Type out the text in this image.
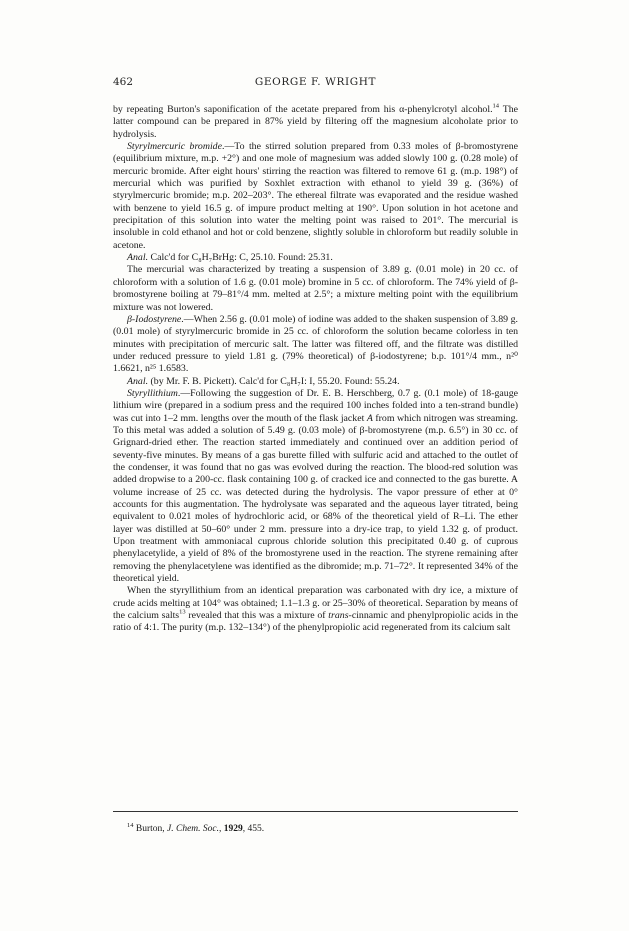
462	GEORGE F. WRIGHT

by repeating Burton's saponification of the acetate prepared from his α-phenylcrotyl alcohol.$^{14}$ The latter compound can be prepared in 87% yield by filtering off the magnesium alcoholate prior to hydrolysis.

Styrylmercuric bromide.—To the stirred solution prepared from 0.33 moles of β-bromostyrene (equilibrium mixture, m.p. +2°) and one mole of magnesium was added slowly 100 g. (0.28 mole) of mercuric bromide. After eight hours' stirring the reaction was filtered to remove 61 g. (m.p. 198°) of mercurial which was purified by Soxhlet extraction with ethanol to yield 39 g. (36%) of styrylmercuric bromide; m.p. 202–203°. The ethereal filtrate was evaporated and the residue washed with benzene to yield 16.5 g. of impure product melting at 190°. Upon solution in hot acetone and precipitation of this solution into water the melting point was raised to 201°. The mercurial is insoluble in cold ethanol and hot or cold benzene, slightly soluble in chloroform but readily soluble in acetone.

Anal. Calc'd for C₈H₇BrHg: C, 25.10. Found: 25.31.

The mercurial was characterized by treating a suspension of 3.89 g. (0.01 mole) in 20 cc. of chloroform with a solution of 1.6 g. (0.01 mole) bromine in 5 cc. of chloroform. The 74% yield of β-bromostyrene boiling at 79–81°/4 mm. melted at 2.5°; a mixture melting point with the equilibrium mixture was not lowered.

β-Iodostyrene.—When 2.56 g. (0.01 mole) of iodine was added to the shaken suspension of 3.89 g. (0.01 mole) of styrylmercuric bromide in 25 cc. of chloroform the solution became colorless in ten minutes with precipitation of mercuric salt. The latter was filtered off, and the filtrate was distilled under reduced pressure to yield 1.81 g. (79% theoretical) of β-iodostyrene; b.p. 101°/4 mm., n²⁰ 1.6621, n²⁵ 1.6583.

Anal. (by Mr. F. B. Pickett). Calc'd for C₈H₇I: I, 55.20. Found: 55.24.

Styryllithium.—Following the suggestion of Dr. E. B. Herschberg, 0.7 g. (0.1 mole) of 18-gauge lithium wire (prepared in a sodium press and the required 100 inches folded into a ten-strand bundle) was cut into 1–2 mm. lengths over the mouth of the flask jacket A from which nitrogen was streaming. To this metal was added a solution of 5.49 g. (0.03 mole) of β-bromostyrene (m.p. 6.5°) in 30 cc. of Grignard-dried ether. The reaction started immediately and continued over an addition period of seventy-five minutes. By means of a gas burette filled with sulfuric acid and attached to the outlet of the condenser, it was found that no gas was evolved during the reaction. The blood-red solution was added dropwise to a 200-cc. flask containing 100 g. of cracked ice and connected to the gas burette. A volume increase of 25 cc. was detected during the hydrolysis. The vapor pressure of ether at 0° accounts for this augmentation. The hydrolysate was separated and the aqueous layer titrated, being equivalent to 0.021 moles of hydrochloric acid, or 68% of the theoretical yield of R–Li. The ether layer was distilled at 50–60° under 2 mm. pressure into a dry-ice trap, to yield 1.32 g. of product. Upon treatment with ammoniacal cuprous chloride solution this precipitated 0.40 g. of cuprous phenylacetylide, a yield of 8% of the bromostyrene used in the reaction. The styrene remaining after removing the phenylacetylene was identified as the dibromide; m.p. 71–72°. It represented 34% of the theoretical yield.

When the styryllithium from an identical preparation was carbonated with dry ice, a mixture of crude acids melting at 104° was obtained; 1.1–1.3 g. or 25–30% of theoretical. Separation by means of the calcium salts$^{13}$ revealed that this was a mixture of trans-cinnamic and phenylpropiolic acids in the ratio of 4:1. The purity (m.p. 132–134°) of the phenylpropiolic acid regenerated from its calcium salt

$^{14}$ Burton, J. Chem. Soc., 1929, 455.
